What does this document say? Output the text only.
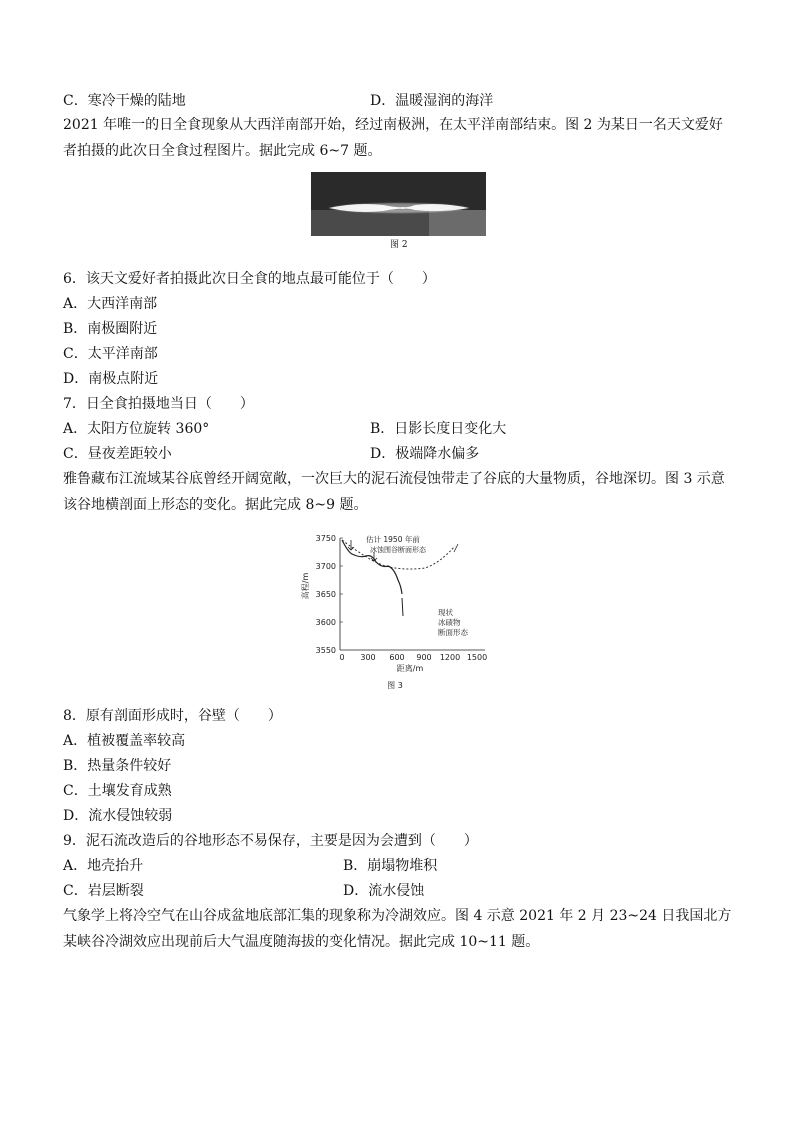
C．寒冷干燥的陆地	D．温暖湿润的海洋
2021 年唯一的日全食现象从大西洋南部开始，经过南极洲，在太平洋南部结束。图 2 为某日一名天文爱好者拍摄的此次日全食过程图片。据此完成 6~7 题。
图 2
6．该天文爱好者拍摄此次日全食的地点最可能位于（　　）
A．大西洋南部
B．南极圈附近
C．太平洋南部
D．南极点附近
7．日全食拍摄地当日（　　）
A．太阳方位旋转 360°	B．日影长度日变化大
C．昼夜差距较小	D．极端降水偏多
雅鲁藏布江流域某谷底曾经开阔宽敞，一次巨大的泥石流侵蚀带走了谷底的大量物质，谷地深切。图 3 示意该谷地横剖面上形态的变化。据此完成 8~9 题。
3750
3700
3650
3600
3550
0 300 600 900 1200 1500
高程/m
距离/m
估计 1950 年前
冰蚀围谷断面形态
现状
冰碛物
断面形态
图 3
8．原有剖面形成时，谷壁（　　）
A．植被覆盖率较高
B．热量条件较好
C．土壤发育成熟
D．流水侵蚀较弱
9．泥石流改造后的谷地形态不易保存，主要是因为会遭到（　　）
A．地壳抬升	B．崩塌物堆积
C．岩层断裂	D．流水侵蚀
气象学上将冷空气在山谷成盆地底部汇集的现象称为冷湖效应。图 4 示意 2021 年 2 月 23~24 日我国北方某峡谷冷湖效应出现前后大气温度随海拔的变化情况。据此完成 10~11 题。
